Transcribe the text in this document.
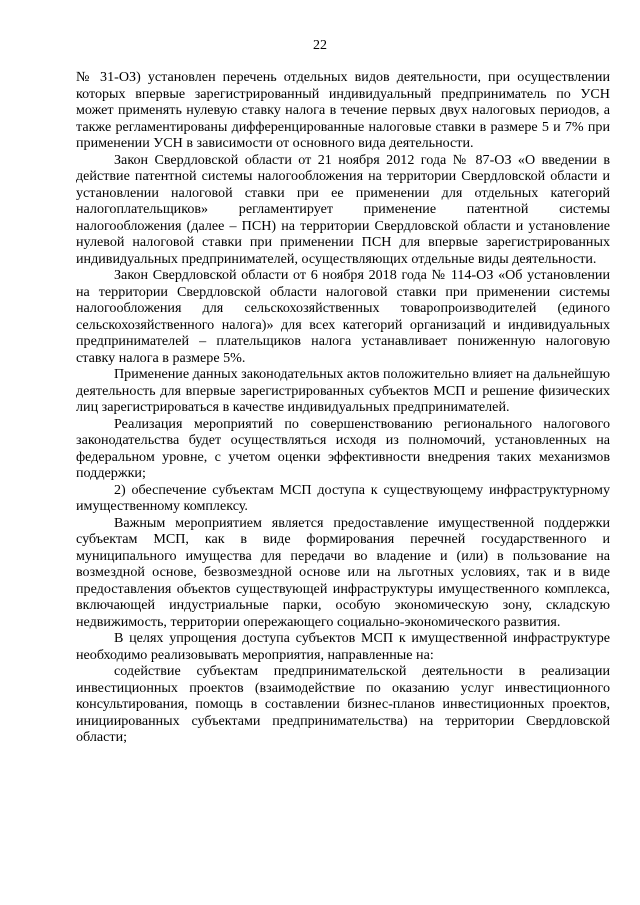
22

№ 31-ОЗ) установлен перечень отдельных видов деятельности, при осуществлении которых впервые зарегистрированный индивидуальный предприниматель по УСН может применять нулевую ставку налога в течение первых двух налоговых периодов, а также регламентированы дифференцированные налоговые ставки в размере 5 и 7% при применении УСН в зависимости от основного вида деятельности.

Закон Свердловской области от 21 ноября 2012 года № 87-ОЗ «О введении в действие патентной системы налогообложения на территории Свердловской области и установлении налоговой ставки при ее применении для отдельных категорий налогоплательщиков» регламентирует применение патентной системы налогообложения (далее – ПСН) на территории Свердловской области и установление нулевой налоговой ставки при применении ПСН для впервые зарегистрированных индивидуальных предпринимателей, осуществляющих отдельные виды деятельности.

Закон Свердловской области от 6 ноября 2018 года № 114-ОЗ «Об установлении на территории Свердловской области налоговой ставки при применении системы налогообложения для сельскохозяйственных товаропроизводителей (единого сельскохозяйственного налога)» для всех категорий организаций и индивидуальных предпринимателей – плательщиков налога устанавливает пониженную налоговую ставку налога в размере 5%.

Применение данных законодательных актов положительно влияет на дальнейшую деятельность для впервые зарегистрированных субъектов МСП и решение физических лиц зарегистрироваться в качестве индивидуальных предпринимателей.

Реализация мероприятий по совершенствованию регионального налогового законодательства будет осуществляться исходя из полномочий, установленных на федеральном уровне, с учетом оценки эффективности внедрения таких механизмов поддержки;

2) обеспечение субъектам МСП доступа к существующему инфраструктурному имущественному комплексу.

Важным мероприятием является предоставление имущественной поддержки субъектам МСП, как в виде формирования перечней государственного и муниципального имущества для передачи во владение и (или) в пользование на возмездной основе, безвозмездной основе или на льготных условиях, так и в виде предоставления объектов существующей инфраструктуры имущественного комплекса, включающей индустриальные парки, особую экономическую зону, складскую недвижимость, территории опережающего социально-экономического развития.

В целях упрощения доступа субъектов МСП к имущественной инфраструктуре необходимо реализовывать мероприятия, направленные на:

содействие субъектам предпринимательской деятельности в реализации инвестиционных проектов (взаимодействие по оказанию услуг инвестиционного консультирования, помощь в составлении бизнес-планов инвестиционных проектов, инициированных субъектами предпринимательства) на территории Свердловской области;
